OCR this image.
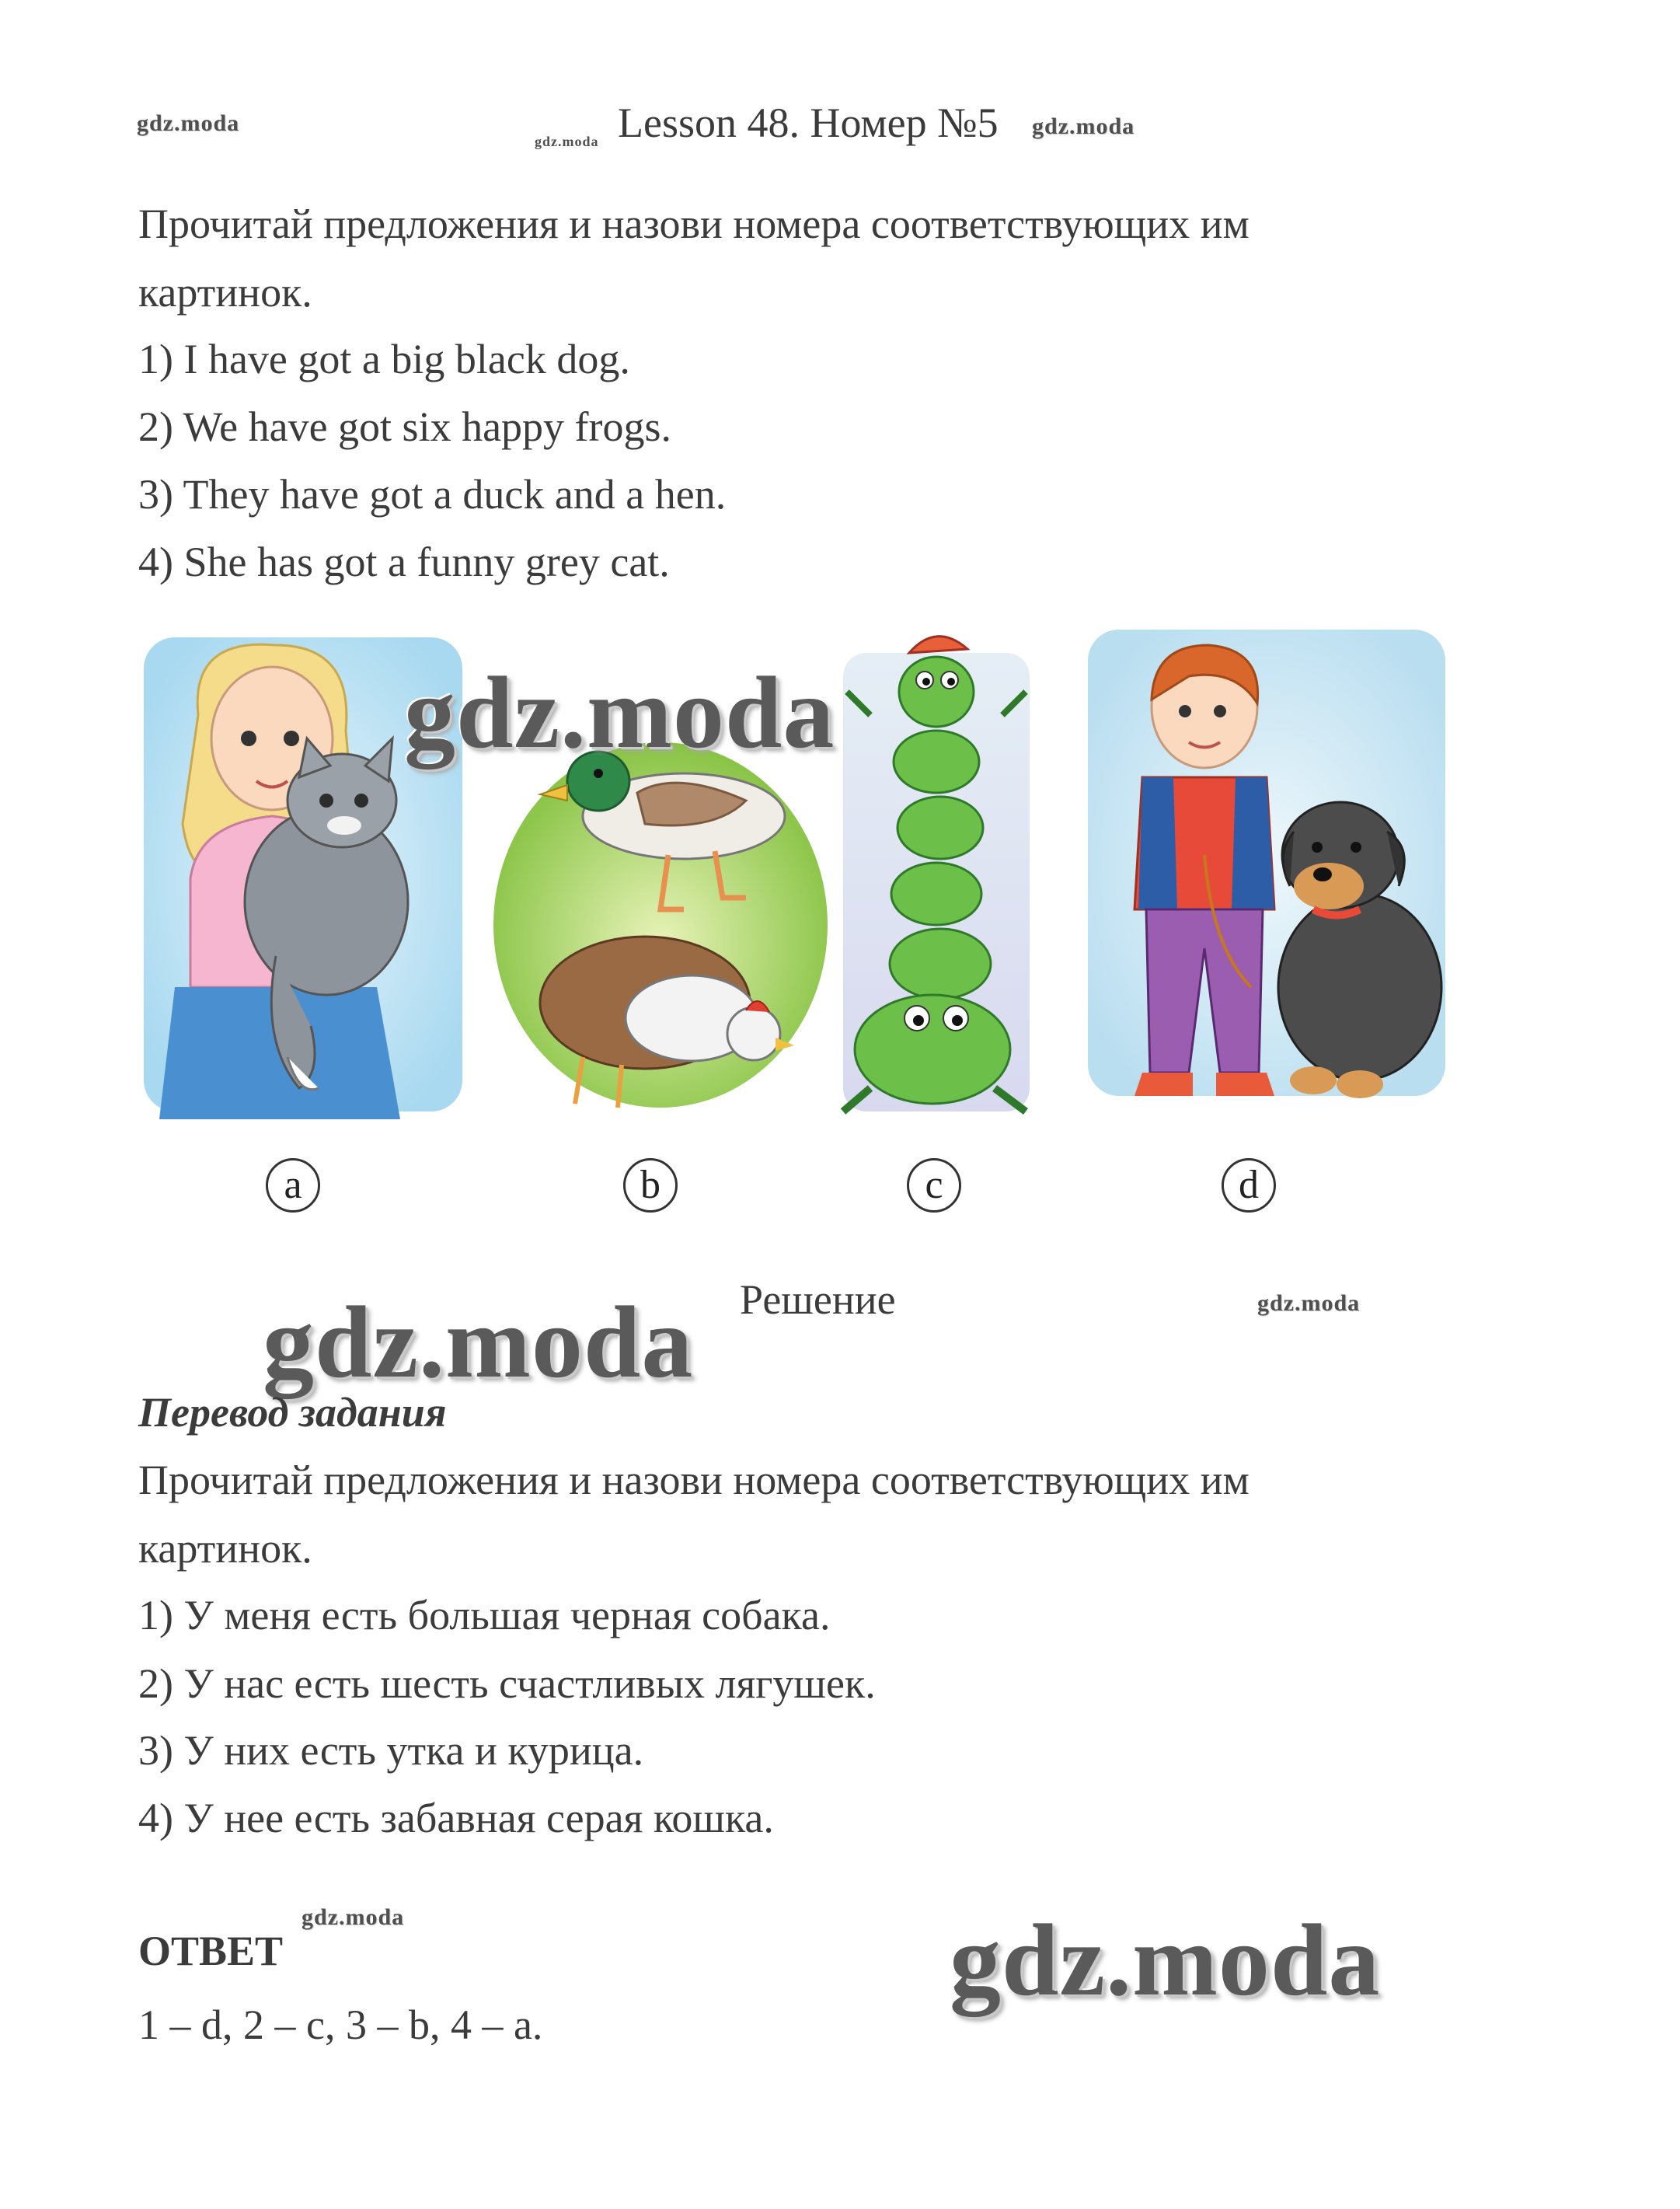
gdz.moda
gdz.moda Lesson 48. Номер №5 gdz.moda
Прочитай предложения и назови номера соответствующих им
картинок.
1) I have got a big black dog.
2) We have got six happy frogs.
3) They have got a duck and a hen.
4) She has got a funny grey cat.
a	b	c	d
gdz.moda
gdz.moda Решение	gdz.moda
Перевод задания
Прочитай предложения и назови номера соответствующих им
картинок.
1) У меня есть большая черная собака.
2) У нас есть шесть счастливых лягушек.
3) У них есть утка и курица.
4) У нее есть забавная серая кошка.
ОТВЕТ
gdz.moda
1 – d, 2 – c, 3 – b, 4 – a.
gdz.moda
